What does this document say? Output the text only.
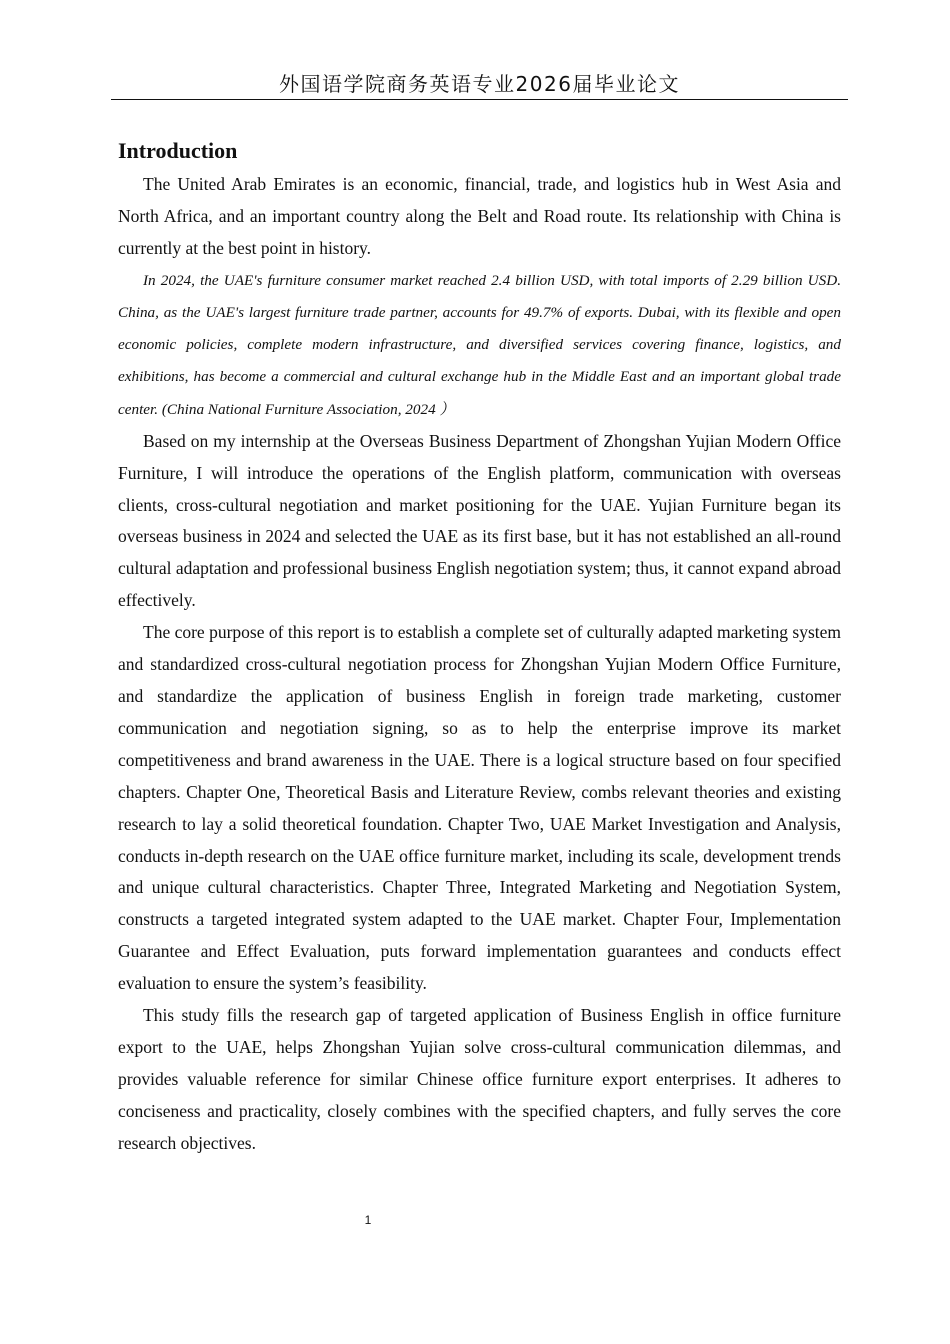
外国语学院商务英语专业2026届毕业论文
Introduction

The United Arab Emirates is an economic, financial, trade, and logistics hub in West Asia and North Africa, and an important country along the Belt and Road route. Its relationship with China is currently at the best point in history.

In 2024, the UAE's furniture consumer market reached 2.4 billion USD, with total imports of 2.29 billion USD. China, as the UAE's largest furniture trade partner, accounts for 49.7% of exports. Dubai, with its flexible and open economic policies, complete modern infrastructure, and diversified services covering finance, logistics, and exhibitions, has become a commercial and cultural exchange hub in the Middle East and an important global trade center. (China National Furniture Association, 2024 ）

Based on my internship at the Overseas Business Department of Zhongshan Yujian Modern Office Furniture, I will introduce the operations of the English platform, communication with overseas clients, cross-cultural negotiation and market positioning for the UAE. Yujian Furniture began its overseas business in 2024 and selected the UAE as its first base, but it has not established an all-round cultural adaptation and professional business English negotiation system; thus, it cannot expand abroad effectively.

The core purpose of this report is to establish a complete set of culturally adapted marketing system and standardized cross-cultural negotiation process for Zhongshan Yujian Modern Office Furniture, and standardize the application of business English in foreign trade marketing, customer communication and negotiation signing, so as to help the enterprise improve its market competitiveness and brand awareness in the UAE. There is a logical structure based on four specified chapters. Chapter One, Theoretical Basis and Literature Review, combs relevant theories and existing research to lay a solid theoretical foundation. Chapter Two, UAE Market Investigation and Analysis, conducts in-depth research on the UAE office furniture market, including its scale, development trends and unique cultural characteristics. Chapter Three, Integrated Marketing and Negotiation System, constructs a targeted integrated system adapted to the UAE market. Chapter Four, Implementation Guarantee and Effect Evaluation, puts forward implementation guarantees and conducts effect evaluation to ensure the system’s feasibility.

This study fills the research gap of targeted application of Business English in office furniture export to the UAE, helps Zhongshan Yujian solve cross-cultural communication dilemmas, and provides valuable reference for similar Chinese office furniture export enterprises. It adheres to conciseness and practicality, closely combines with the specified chapters, and fully serves the core research objectives.

1
